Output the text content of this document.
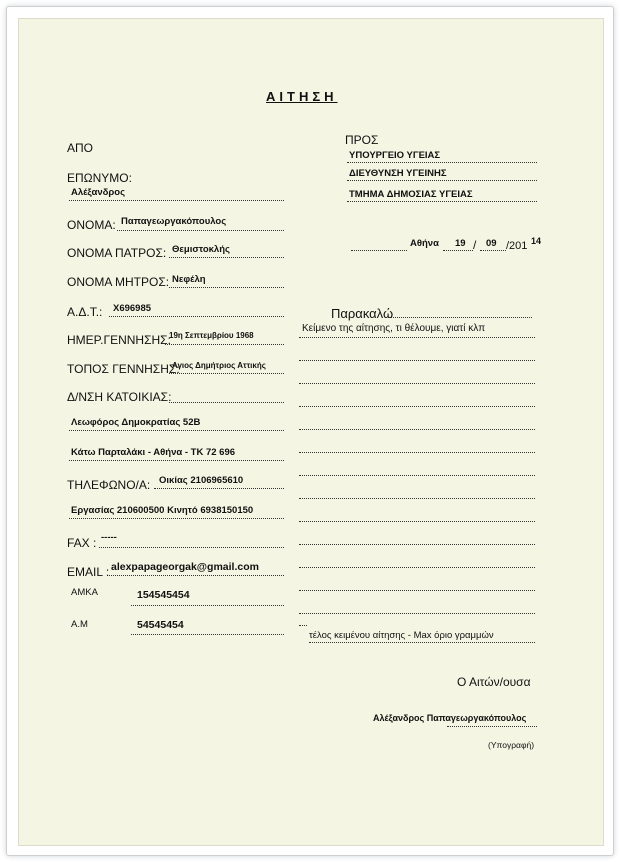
ΑΙΤΗΣΗ
ΑΠΟ
ΕΠΩΝΥΜΟ:
Αλέξανδρος
ΟΝΟΜΑ: Παπαγεωργακόπουλος
ΟΝΟΜΑ ΠΑΤΡΟΣ: Θεμιστοκλής
ΟΝΟΜΑ ΜΗΤΡΟΣ: Νεφέλη
Α.Δ.Τ.: Χ696985
ΗΜΕΡ.ΓΕΝΝΗΣΗΣ:
19η Σεπτεμβρίου 1968
ΤΟΠΟΣ ΓΕΝΝΗΣΗΣ:
Αγιος Δημήτριος Αττικής
Δ/ΝΣΗ ΚΑΤΟΙΚΙΑΣ:
Λεωφόρος Δημοκρατίας 52Β
Κάτω Παρταλάκι - Αθήνα - ΤΚ 72 696
ΤΗΛΕΦΩΝΟ/Α: Οικίας 2106965610
Εργασίας 210600500 Κινητό 6938150150
FAX : -----
EMAIL : alexpapageorgak@gmail.com
ΑΜΚΑ	154545454
Α.Μ	54545454
ΠΡΟΣ
ΥΠΟΥΡΓΕΙΟ ΥΓΕΙΑΣ
ΔΙΕΥΘΥΝΣΗ ΥΓΕΙΝΗΣ
ΤΜΗΜΑ ΔΗΜΟΣΙΑΣ ΥΓΕΙΑΣ
Αθήνα 19 / 09 /201 14
Παρακαλώ
Κείμενο της αίτησης, τι θέλουμε, γιατί κλπ
τέλος κειμένου αίτησης - Max όριο γραμμών
Ο Αιτών/ουσα
Αλέξανδρος Παπαγεωργακόπουλος
(Υπογραφή)
